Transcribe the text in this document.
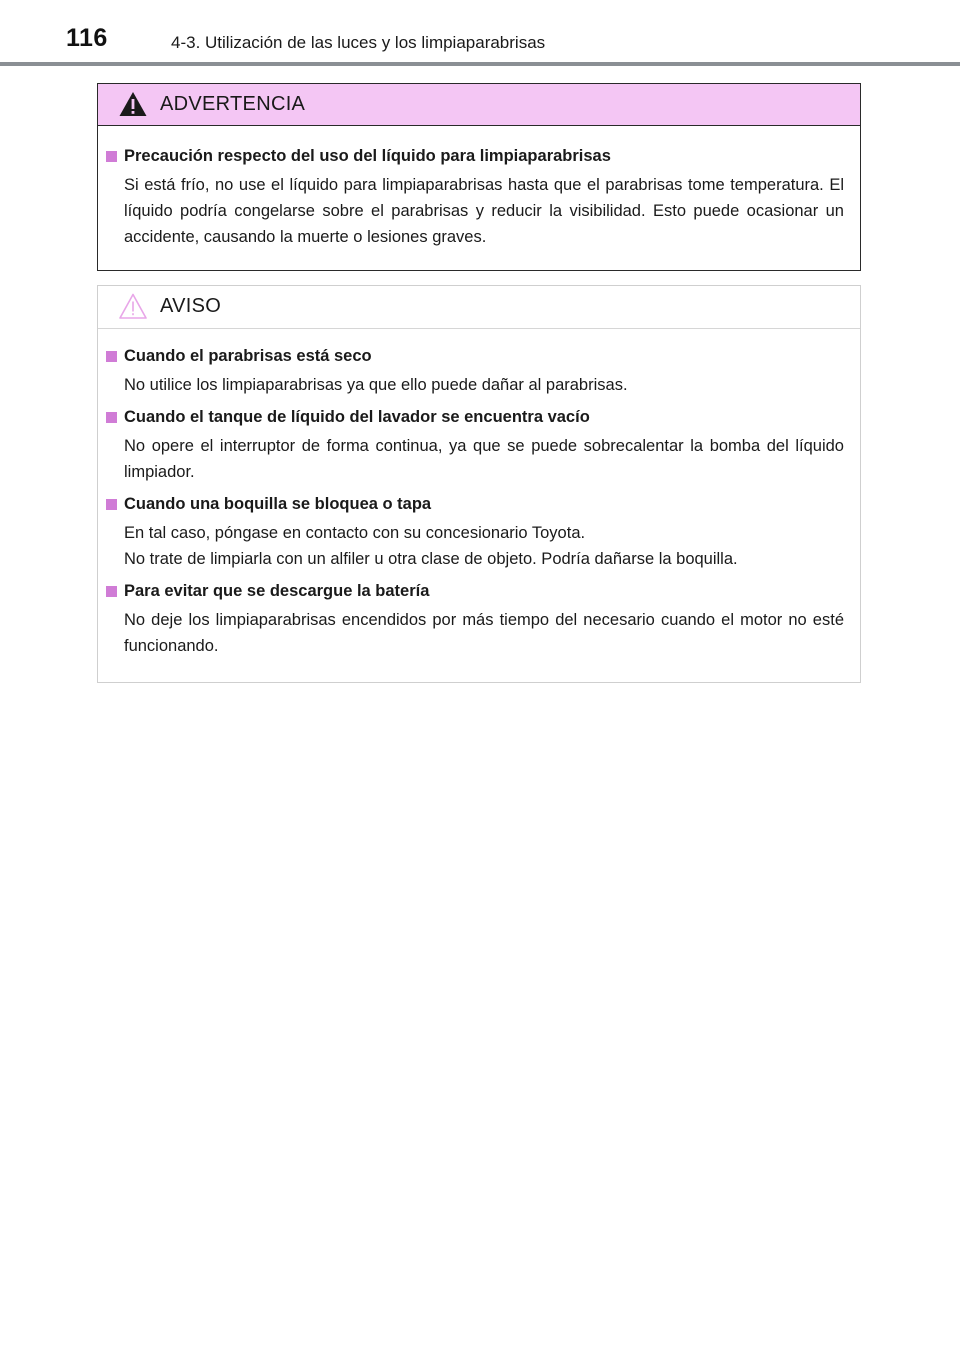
116	4-3. Utilización de las luces y los limpiaparabrisas
ADVERTENCIA
Precaución respecto del uso del líquido para limpiaparabrisas

Si está frío, no use el líquido para limpiaparabrisas hasta que el parabrisas tome temperatura. El líquido podría congelarse sobre el parabrisas y reducir la visibilidad. Esto puede ocasionar un accidente, causando la muerte o lesiones graves.

AVISO
Cuando el parabrisas está seco

No utilice los limpiaparabrisas ya que ello puede dañar al parabrisas.

Cuando el tanque de líquido del lavador se encuentra vacío

No opere el interruptor de forma continua, ya que se puede sobrecalentar la bomba del líquido limpiador.

Cuando una boquilla se bloquea o tapa

En tal caso, póngase en contacto con su concesionario Toyota.

No trate de limpiarla con un alfiler u otra clase de objeto. Podría dañarse la boquilla.

Para evitar que se descargue la batería

No deje los limpiaparabrisas encendidos por más tiempo del necesario cuando el motor no esté funcionando.
